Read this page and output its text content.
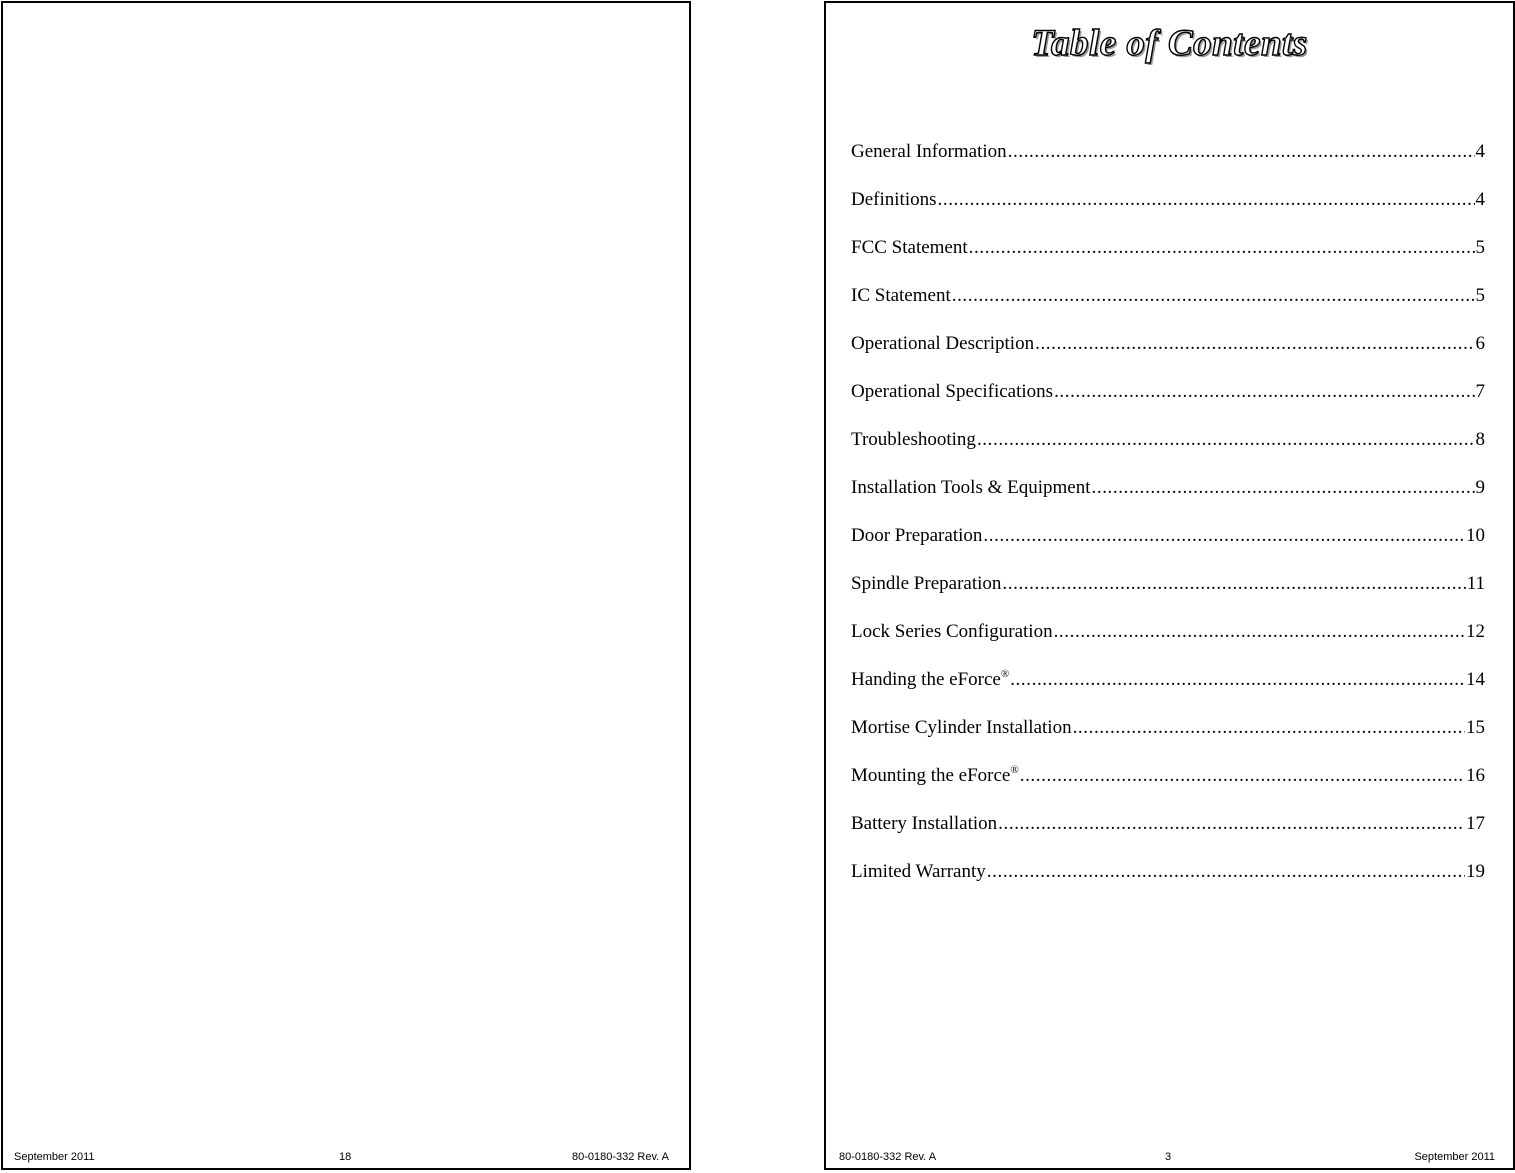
September 2011	18	80-0180-332 Rev. A
Table of Contents
General Information .....	4
Definitions .....	4
FCC Statement .....	5
IC Statement .....	5
Operational Description .....	6
Operational Specifications .....	7
Troubleshooting .....	8
Installation Tools & Equipment .....	9
Door Preparation .....	10
Spindle Preparation .....	11
Lock Series Configuration .....	12
Handing the eForce® .....	14
Mortise Cylinder Installation .....	15
Mounting the eForce® .....	16
Battery Installation .....	17
Limited Warranty .....	19
80-0180-332 Rev. A	3	September 2011
